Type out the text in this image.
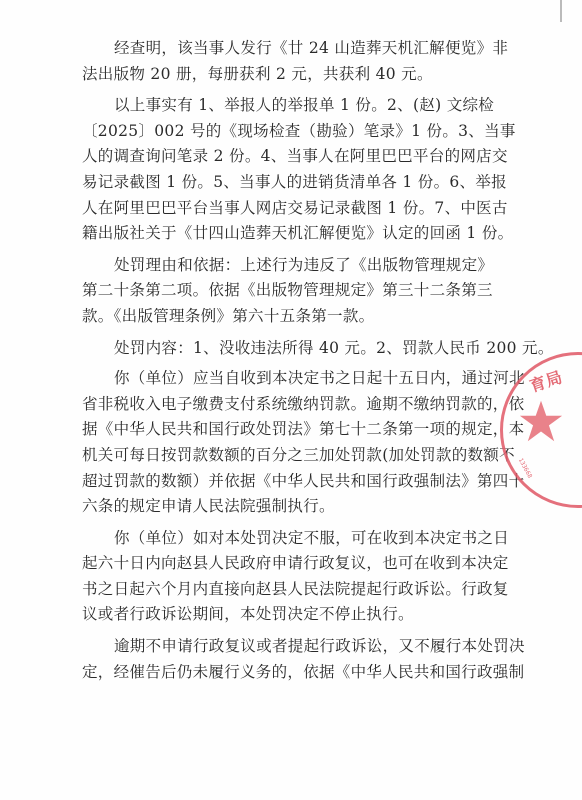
经查明，该当事人发行《廿 24 山造葬天机汇解便览》非
法出版物 20 册，每册获利 2 元，共获利 40 元。
以上事实有 1、举报人的举报单 1 份。2、(赵) 文综检
〔2025〕002 号的《现场检查（勘验）笔录》1 份。3、当事
人的调查询问笔录 2 份。4、当事人在阿里巴巴平台的网店交
易记录截图 1 份。5、当事人的进销货清单各 1 份。6、举报
人在阿里巴巴平台当事人网店交易记录截图 1 份。7、中医古
籍出版社关于《廿四山造葬天机汇解便览》认定的回函 1 份。
处罚理由和依据：上述行为违反了《出版物管理规定》
第二十条第二项。依据《出版物管理规定》第三十二条第三
款。《出版管理条例》第六十五条第一款。
处罚内容：1、没收违法所得 40 元。2、罚款人民币 200 元。
你（单位）应当自收到本决定书之日起十五日内，通过河北
省非税收入电子缴费支付系统缴纳罚款。逾期不缴纳罚款的，依
据《中华人民共和国行政处罚法》第七十二条第一项的规定，本
机关可每日按罚款数额的百分之三加处罚款(加处罚款的数额不
超过罚款的数额）并依据《中华人民共和国行政强制法》第四十
六条的规定申请人民法院强制执行。
你（单位）如对本处罚决定不服，可在收到本决定书之日
起六十日内向赵县人民政府申请行政复议，也可在收到本决定
书之日起六个月内直接向赵县人民法院提起行政诉讼。行政复
议或者行政诉讼期间，本处罚决定不停止执行。
逾期不申请行政复议或者提起行政诉讼，又不履行本处罚决
定，经催告后仍未履行义务的，依据《中华人民共和国行政强制
育局
133668
